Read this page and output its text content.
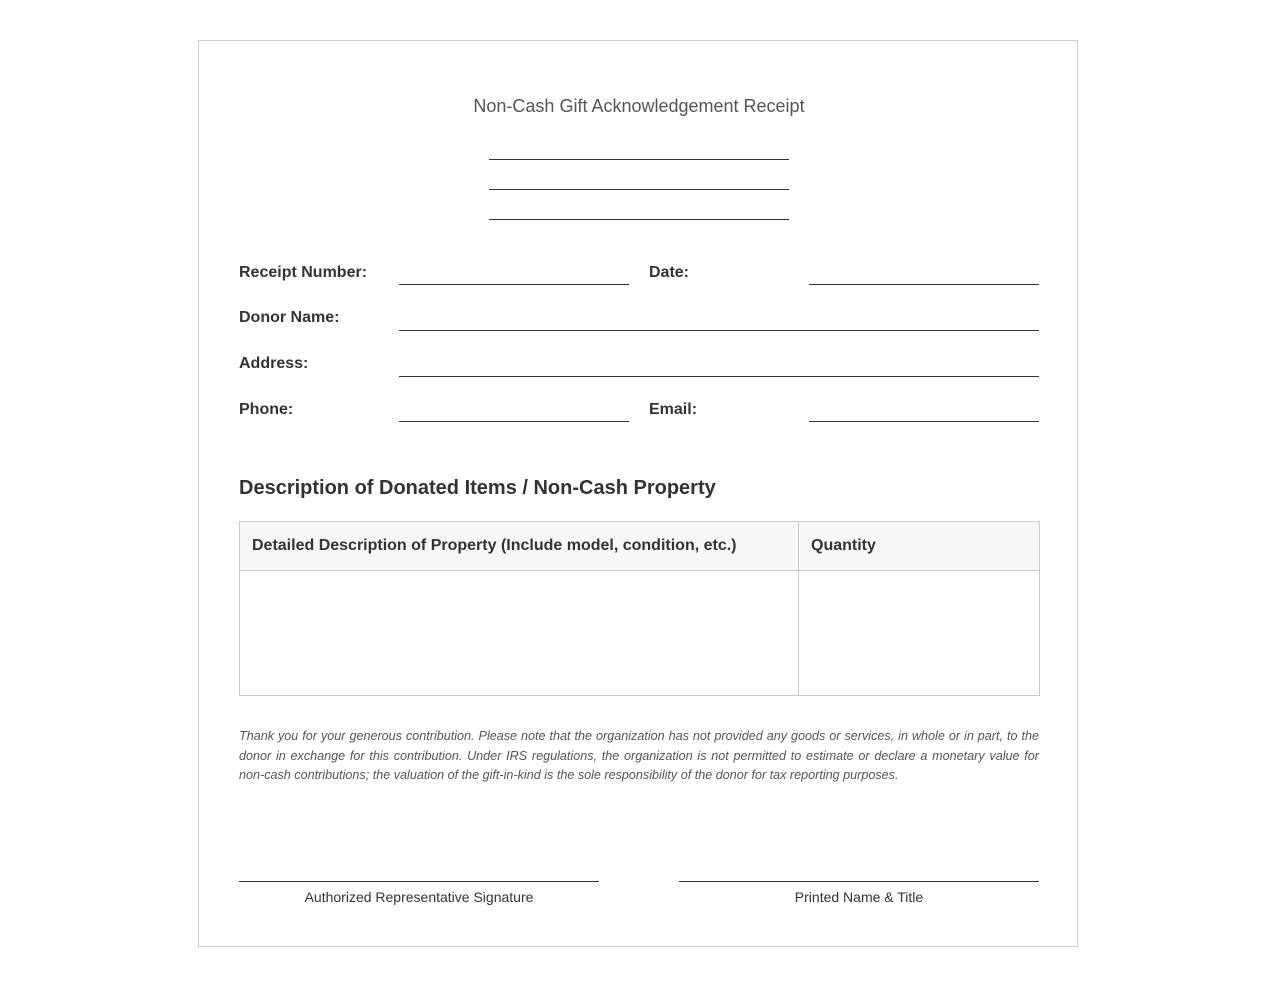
Non-Cash Gift Acknowledgement Receipt
Receipt Number:	Date:
Donor Name:
Address:
Phone:	Email:
Description of Donated Items / Non-Cash Property
Detailed Description of Property (Include model, condition, etc.)	Quantity

Thank you for your generous contribution. Please note that the organization has not provided any goods or services, in whole or in part, to the donor in exchange for this contribution. Under IRS regulations, the organization is not permitted to estimate or declare a monetary value for non-cash contributions; the valuation of the gift-in-kind is the sole responsibility of the donor for tax reporting purposes.
Authorized Representative Signature	Printed Name & Title
